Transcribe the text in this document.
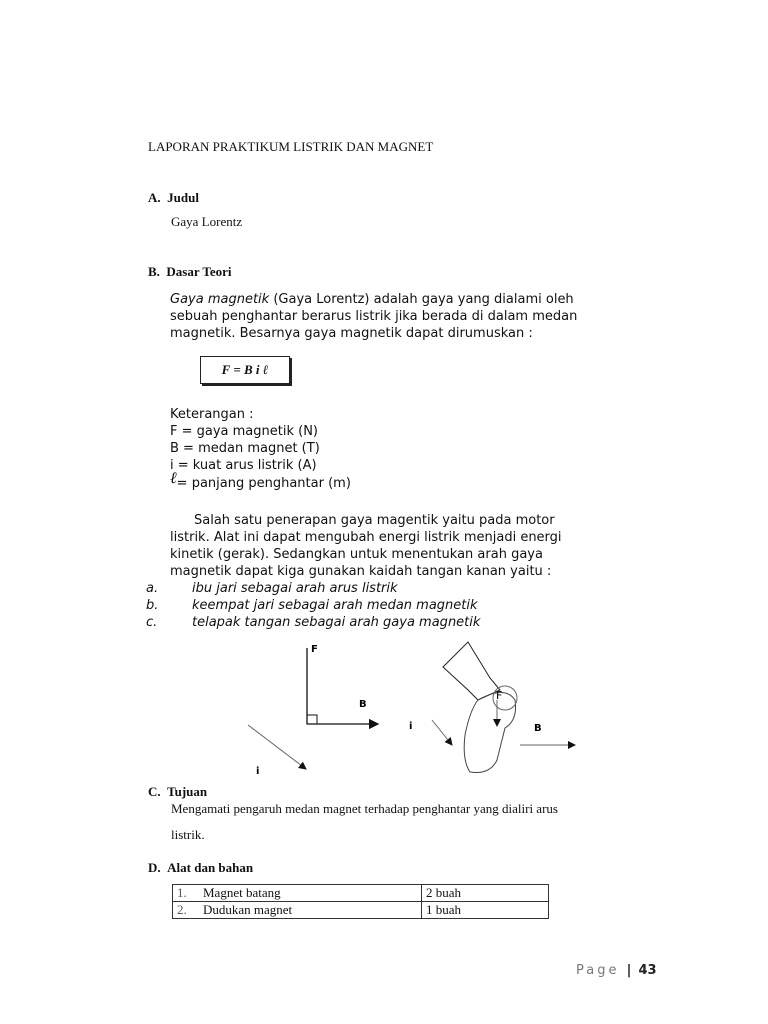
LAPORAN PRAKTIKUM LISTRIK DAN MAGNET
A. Judul
Gaya Lorentz
B. Dasar Teori
Gaya magnetik (Gaya Lorentz) adalah gaya yang dialami oleh
sebuah penghantar berarus listrik jika berada di dalam medan
magnetik. Besarnya gaya magnetik dapat dirumuskan :
F = B i ℓ
Keterangan :
F = gaya magnetik (N)
B = medan magnet (T)
i = kuat arus listrik (A)
ℓ= panjang penghantar (m)
Salah satu penerapan gaya magentik yaitu pada motor
listrik. Alat ini dapat mengubah energi listrik menjadi energi
kinetik (gerak). Sedangkan untuk menentukan arah gaya
magnetik dapat kiga gunakan kaidah tangan kanan yaitu :
a.	ibu jari sebagai arah arus listrik
b.	keempat jari sebagai arah medan magnetik
c.	telapak tangan sebagai arah gaya magnetik
F
B
i
F
i	B
C. Tujuan
Mengamati pengaruh medan magnet terhadap penghantar yang dialiri arus
listrik.
D. Alat dan bahan
1. Magnet batang	2 buah
2. Dudukan magnet	1 buah
Page | 43
